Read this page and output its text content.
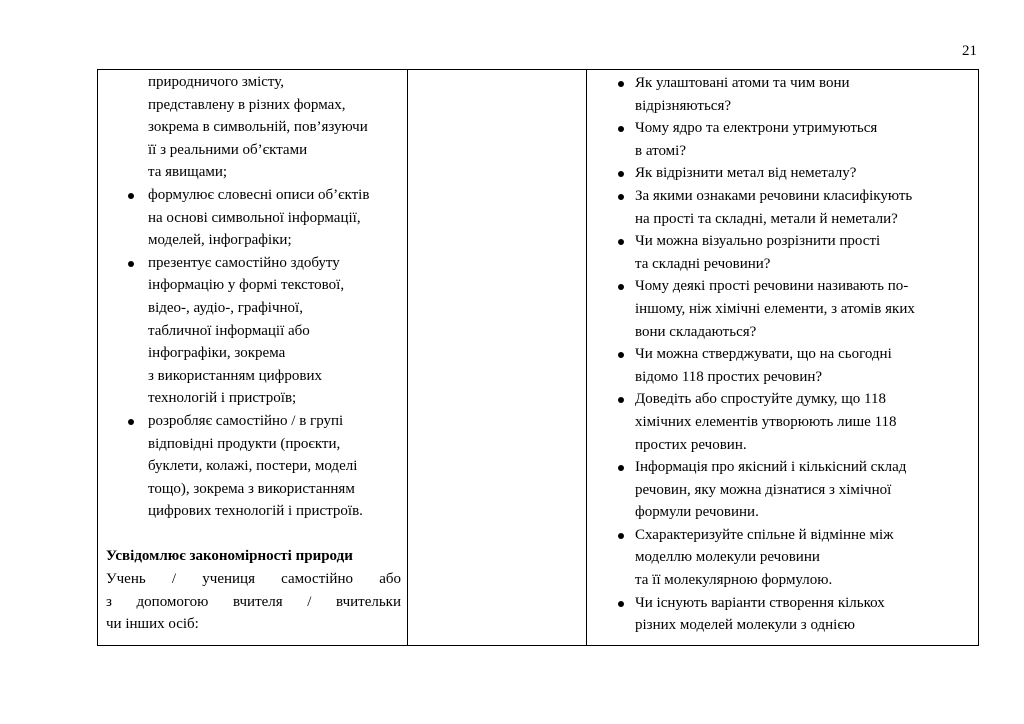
21
природничого змісту,
представлену в різних формах,
зокрема в символьній, пов’язуючи
її з реальними об’єктами
та явищами;
формулює словесні описи об’єктів
на основі символьної інформації,
моделей, інфографіки;
презентує самостійно здобуту
інформацію у формі текстової,
відео-, аудіо-, графічної,
табличної інформації або
інфографіки, зокрема
з використанням цифрових
технологій і пристроїв;
розробляє самостійно / в групі
відповідні продукти (проєкти,
буклети, колажі, постери, моделі
тощо), зокрема з використанням
цифрових технологій і пристроїв.
Усвідомлює закономірності природи
Учень / учениця самостійно або
з допомогою вчителя / вчительки
чи інших осіб:
Як улаштовані атоми та чим вони
відрізняються?
Чому ядро та електрони утримуються
в атомі?
Як відрізнити метал від неметалу?
За якими ознаками речовини класифікують
на прості та складні, метали й неметали?
Чи можна візуально розрізнити прості
та складні речовини?
Чому деякі прості речовини називають по-
іншому, ніж хімічні елементи, з атомів яких
вони складаються?
Чи можна стверджувати, що на сьогодні
відомо 118 простих речовин?
Доведіть або спростуйте думку, що 118
хімічних елементів утворюють лише 118
простих речовин.
Інформація про якісний і кількісний склад
речовин, яку можна дізнатися з хімічної
формули речовини.
Схарактеризуйте спільне й відмінне між
моделлю молекули речовини
та її молекулярною формулою.
Чи існують варіанти створення кількох
різних моделей молекули з однією
